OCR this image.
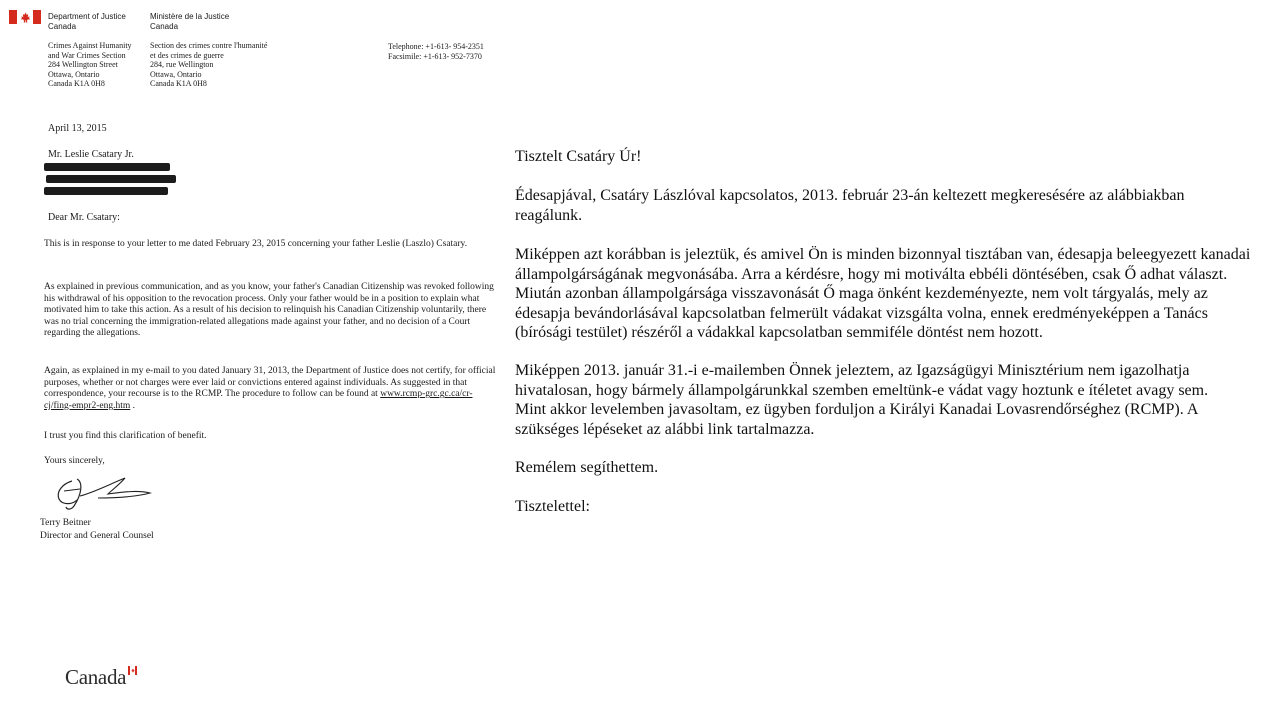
Department of Justice
Canada
Ministère de la Justice
Canada
Crimes Against Humanity
and War Crimes Section
284 Wellington Street
Ottawa, Ontario
Canada K1A 0H8
Section des crimes contre l'humanité
et des crimes de guerre
284, rue Wellington
Ottawa, Ontario
Canada K1A 0H8
Telephone: +1-613- 954-2351
Facsimile: +1-613- 952-7370
April 13, 2015
Mr. Leslie Csatary Jr.
Dear Mr. Csatary:
This is in response to your letter to me dated February 23, 2015 concerning your father Leslie (Laszlo) Csatary.
As explained in previous communication, and as you know, your father's Canadian Citizenship was revoked following his withdrawal of his opposition to the revocation process. Only your father would be in a position to explain what motivated him to take this action. As a result of his decision to relinquish his Canadian Citizenship voluntarily, there was no trial concerning the immigration-related allegations made against your father, and no decision of a Court regarding the allegations.
Again, as explained in my e-mail to you dated January 31, 2013, the Department of Justice does not certify, for official purposes, whether or not charges were ever laid or convictions entered against individuals. As suggested in that correspondence, your recourse is to the RCMP. The procedure to follow can be found at www.rcmp-grc.gc.ca/cr-cj/fing-empr2-eng.htm .
I trust you find this clarification of benefit.
Yours sincerely,
Terry Beitner
Director and General Counsel
Canada
Tisztelt Csatáry Úr!
Édesapjával, Csatáry Lászlóval kapcsolatos, 2013. február 23-án keltezett megkeresésére az alábbiakban reagálunk.
Miképpen azt korábban is jeleztük, és amivel Ön is minden bizonnyal tisztában van, édesapja beleegyezett kanadai állampolgárságának megvonásába. Arra a kérdésre, hogy mi motiválta ebbéli döntésében, csak Ő adhat választ. Miután azonban állampolgársága visszavonását Ő maga önként kezdeményezte, nem volt tárgyalás, mely az édesapja bevándorlásával kapcsolatban felmerült vádakat vizsgálta volna, ennek eredményeképpen a Tanács (bírósági testület) részéről a vádakkal kapcsolatban semmiféle döntést nem hozott.
Miképpen 2013. január 31.-i e-mailemben Önnek jeleztem, az Igazságügyi Minisztérium nem igazolhatja hivatalosan, hogy bármely állampolgárunkkal szemben emeltünk-e vádat vagy hoztunk e ítéletet avagy sem. Mint akkor levelemben javasoltam, ez ügyben forduljon a Királyi Kanadai Lovasrendőrséghez (RCMP). A szükséges lépéseket az alábbi link tartalmazza.
Remélem segíthettem.
Tisztelettel:
